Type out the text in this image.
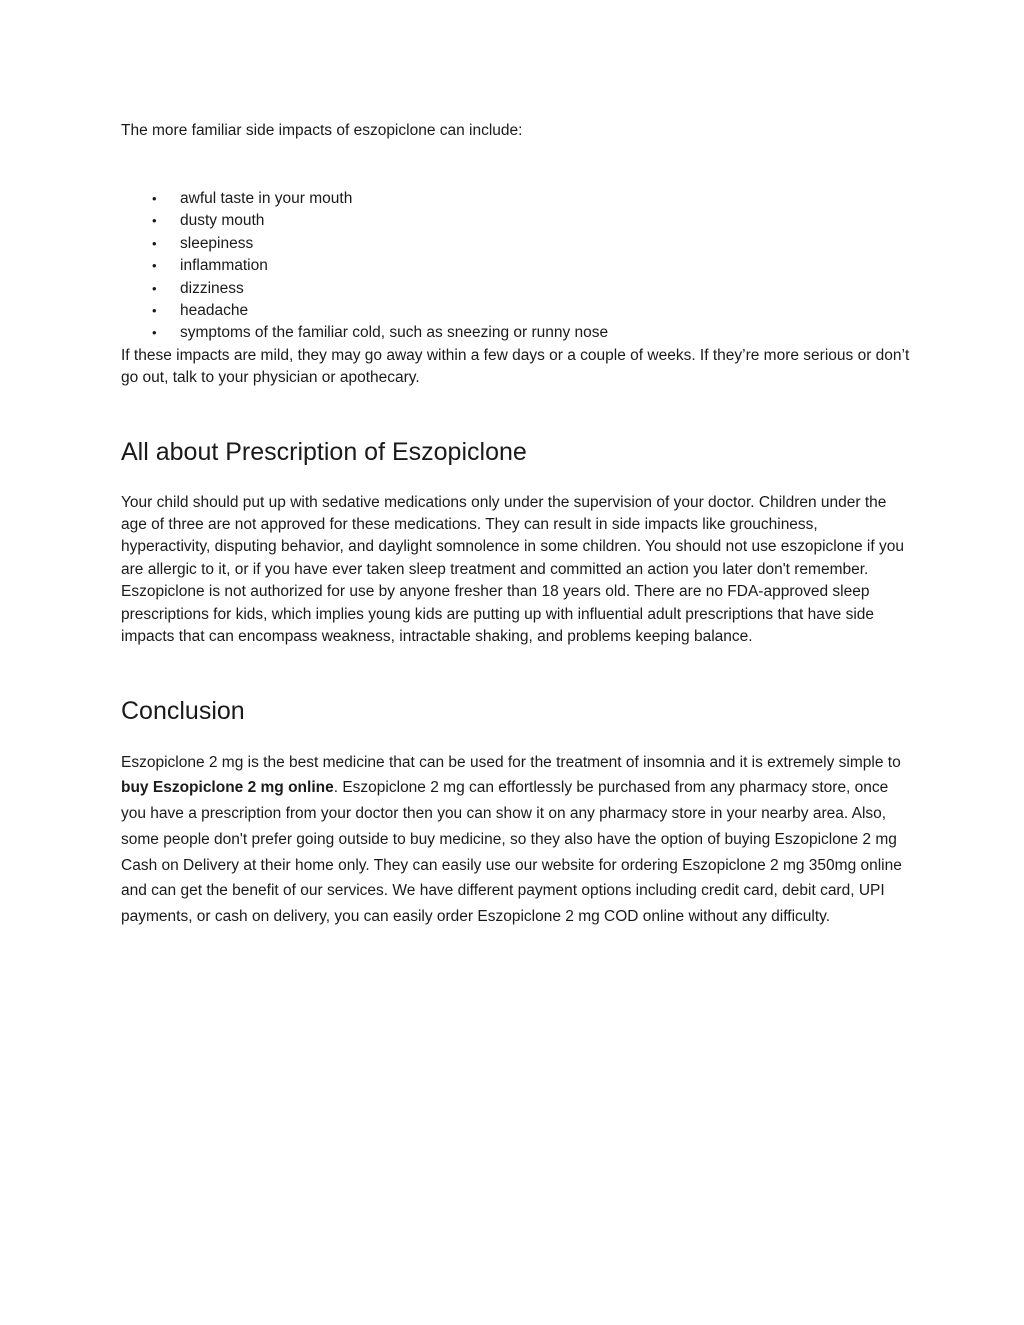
The more familiar side impacts of eszopiclone can include:

• awful taste in your mouth
• dusty mouth
• sleepiness
• inflammation
• dizziness
• headache
• symptoms of the familiar cold, such as sneezing or runny nose

If these impacts are mild, they may go away within a few days or a couple of weeks. If they’re more serious or don’t go out, talk to your physician or apothecary.

All about Prescription of Eszopiclone

Your child should put up with sedative medications only under the supervision of your doctor. Children under the age of three are not approved for these medications. They can result in side impacts like grouchiness, hyperactivity, disputing behavior, and daylight somnolence in some children. You should not use eszopiclone if you are allergic to it, or if you have ever taken sleep treatment and committed an action you later don't remember. Eszopiclone is not authorized for use by anyone fresher than 18 years old. There are no FDA-approved sleep prescriptions for kids, which implies young kids are putting up with influential adult prescriptions that have side impacts that can encompass weakness, intractable shaking, and problems keeping balance.

Conclusion

Eszopiclone 2 mg is the best medicine that can be used for the treatment of insomnia and it is extremely simple to buy Eszopiclone 2 mg online. Eszopiclone 2 mg can effortlessly be purchased from any pharmacy store, once you have a prescription from your doctor then you can show it on any pharmacy store in your nearby area. Also, some people don't prefer going outside to buy medicine, so they also have the option of buying Eszopiclone 2 mg Cash on Delivery at their home only. They can easily use our website for ordering Eszopiclone 2 mg 350mg online and can get the benefit of our services. We have different payment options including credit card, debit card, UPI payments, or cash on delivery, you can easily order Eszopiclone 2 mg COD online without any difficulty.
